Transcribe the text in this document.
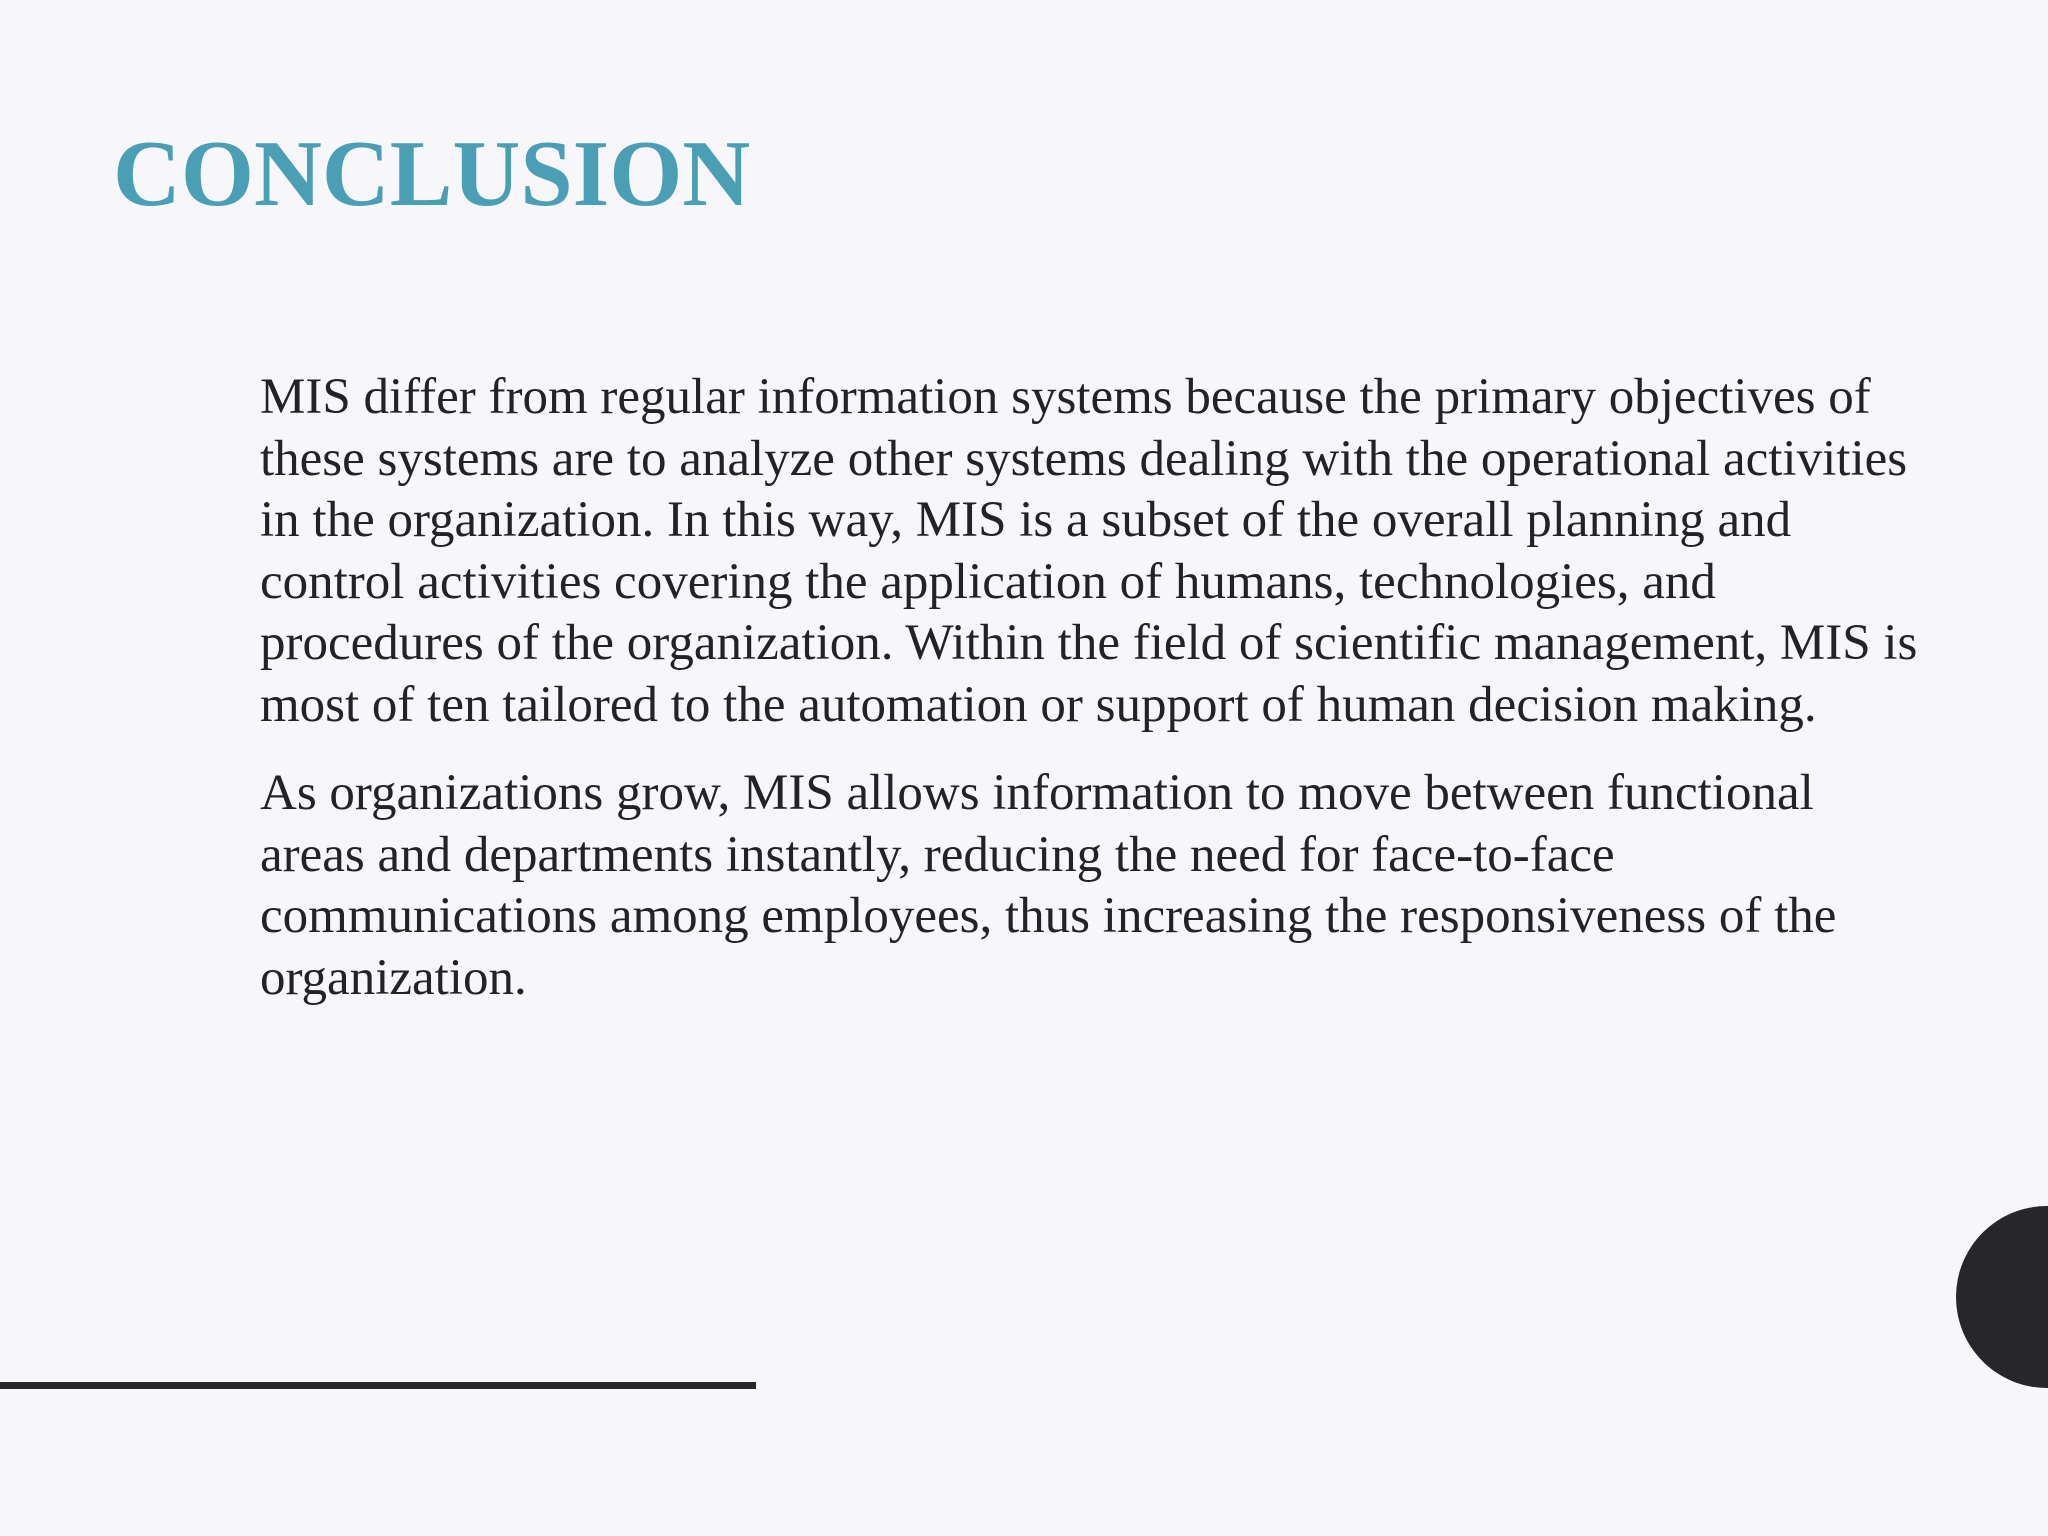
CONCLUSION

MIS differ from regular information systems because the primary objectives of these systems are to analyze other systems dealing with the operational activities in the organization. In this way, MIS is a subset of the overall planning and control activities covering the application of humans, technologies, and procedures of the organization. Within the field of scientific management, MIS is most of ten tailored to the automation or support of human decision making.

As organizations grow, MIS allows information to move between functional areas and departments instantly, reducing the need for face-to-face communications among employees, thus increasing the responsiveness of the organization.
